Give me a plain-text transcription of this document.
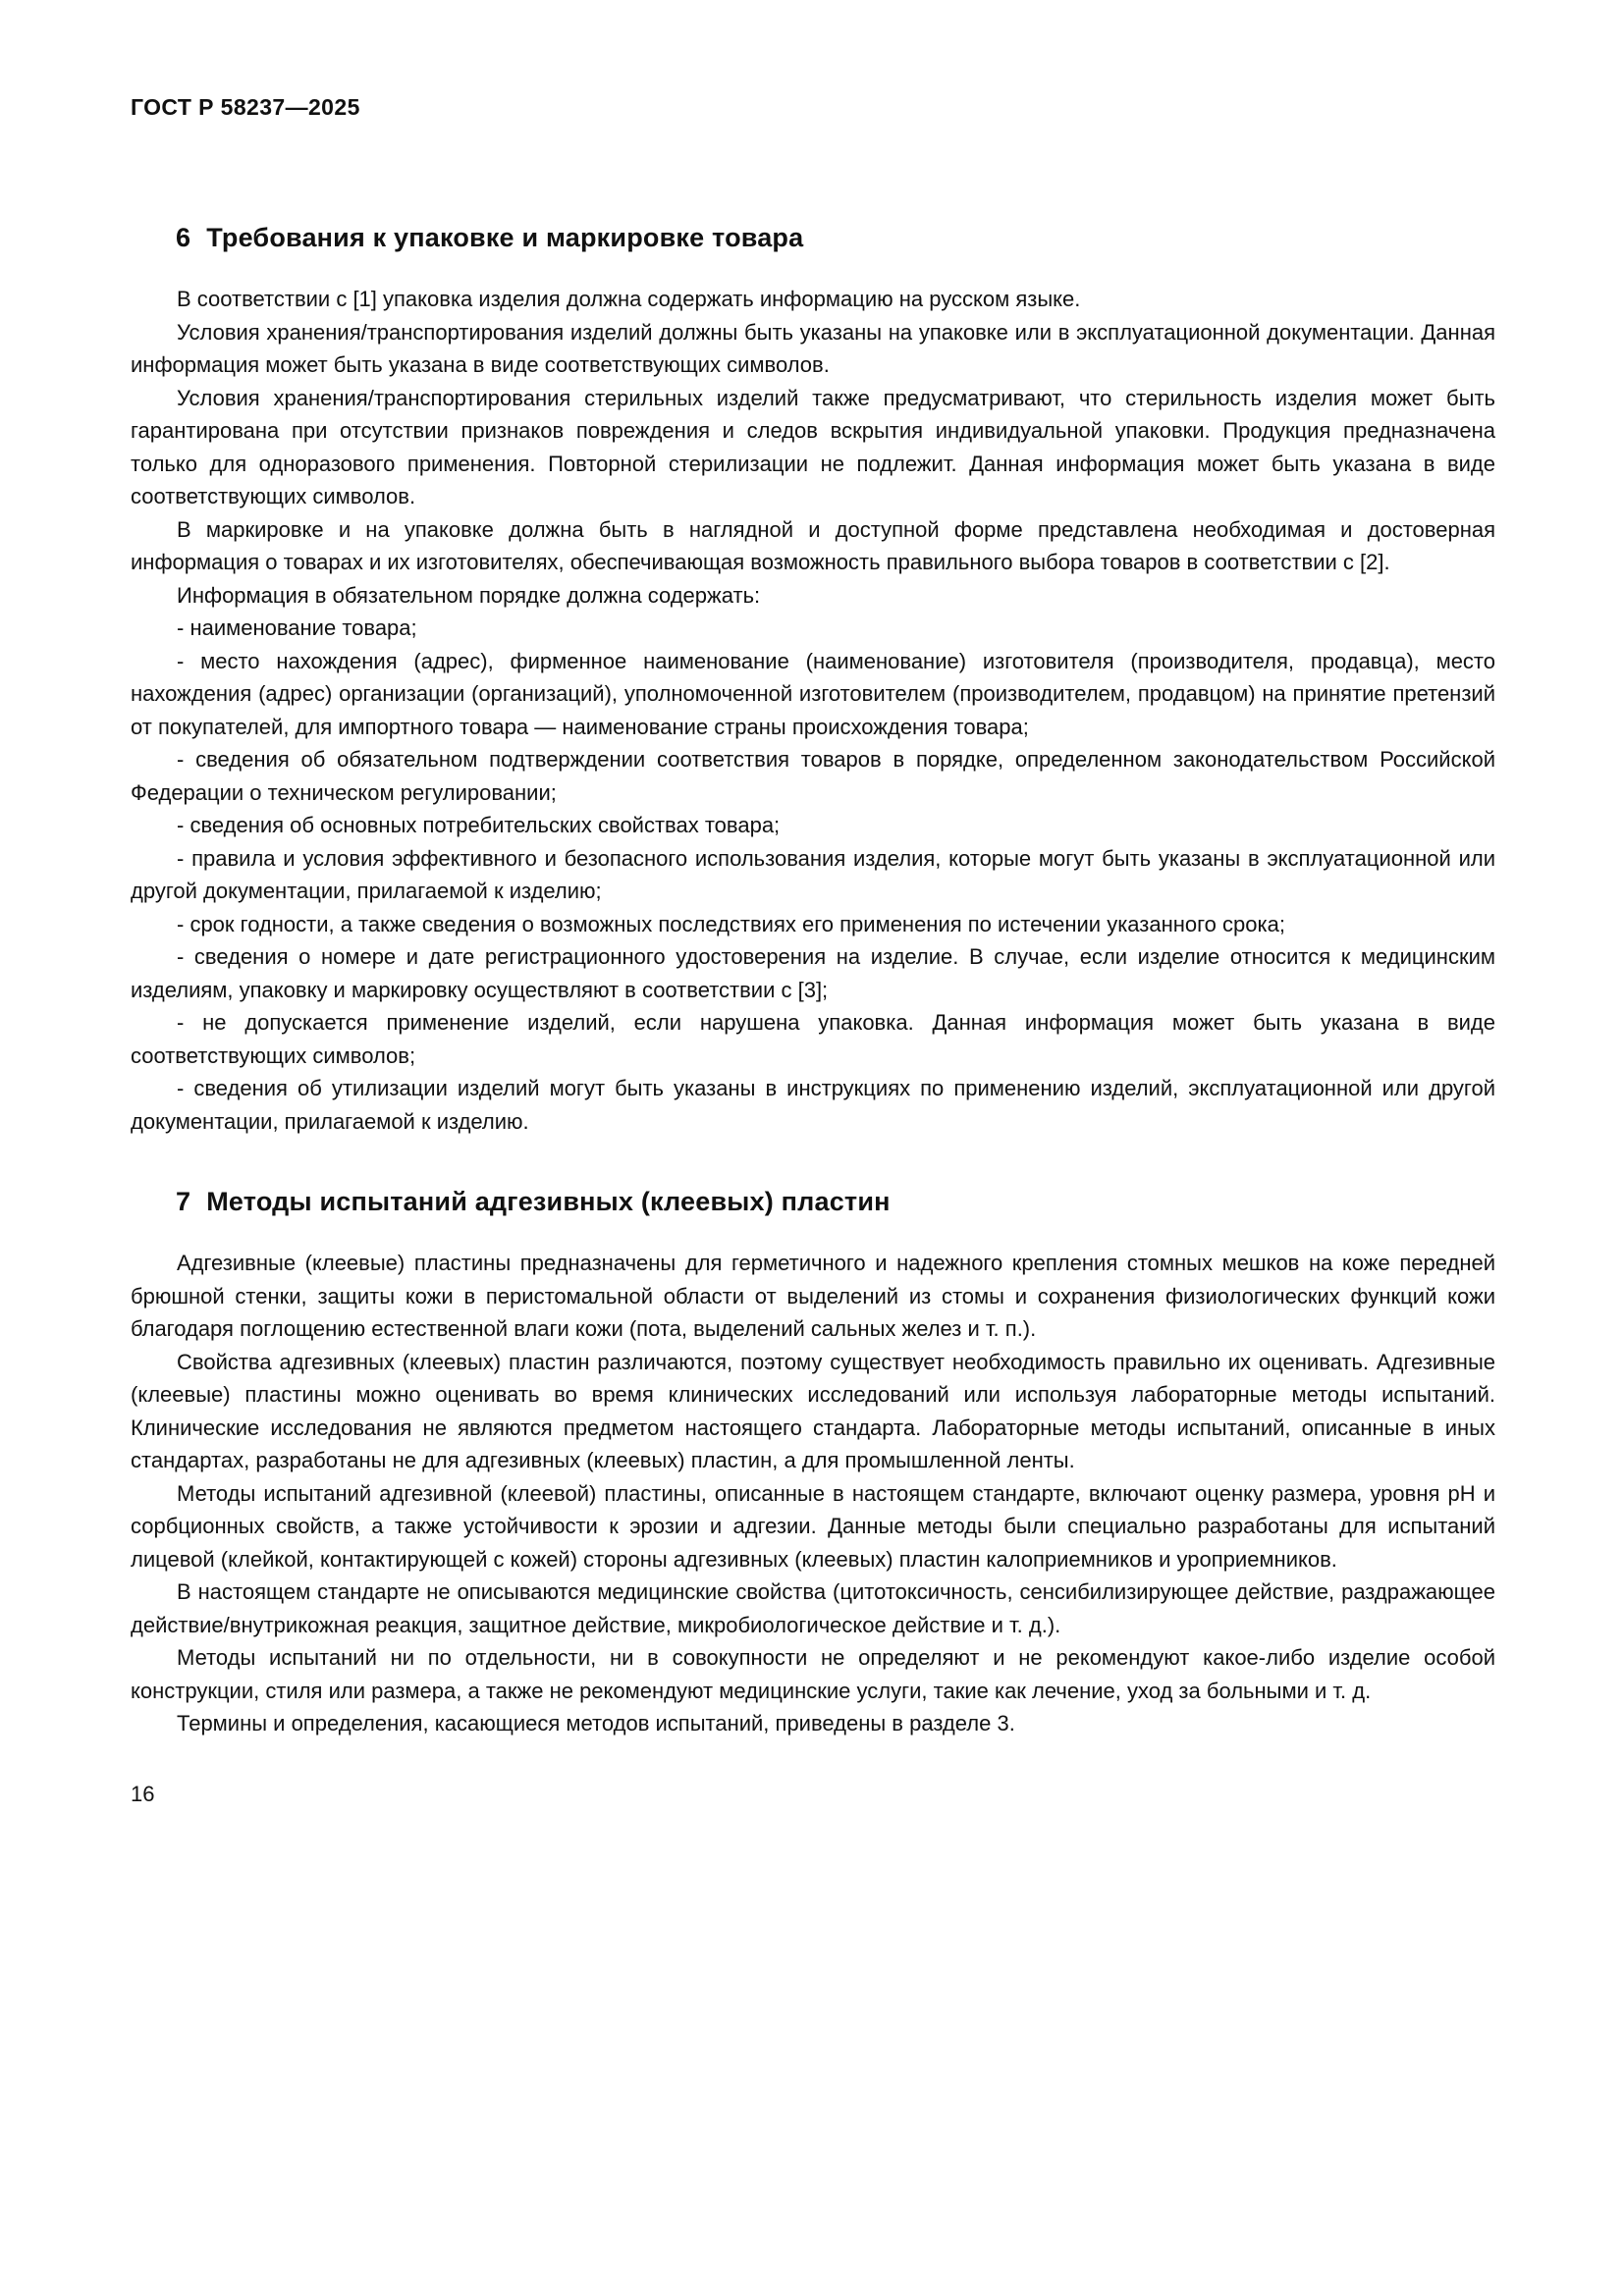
ГОСТ Р 58237—2025
6 Требования к упаковке и маркировке товара

В соответствии с [1] упаковка изделия должна содержать информацию на русском языке.

Условия хранения/транспортирования изделий должны быть указаны на упаковке или в эксплуатационной документации. Данная информация может быть указана в виде соответствующих символов.

Условия хранения/транспортирования стерильных изделий также предусматривают, что стерильность изделия может быть гарантирована при отсутствии признаков повреждения и следов вскрытия индивидуальной упаковки. Продукция предназначена только для одноразового применения. Повторной стерилизации не подлежит. Данная информация может быть указана в виде соответствующих символов.

В маркировке и на упаковке должна быть в наглядной и доступной форме представлена необходимая и достоверная информация о товарах и их изготовителях, обеспечивающая возможность правильного выбора товаров в соответствии с [2].

Информация в обязательном порядке должна содержать:

- наименование товара;

- место нахождения (адрес), фирменное наименование (наименование) изготовителя (производителя, продавца), место нахождения (адрес) организации (организаций), уполномоченной изготовителем (производителем, продавцом) на принятие претензий от покупателей, для импортного товара — наименование страны происхождения товара;

- сведения об обязательном подтверждении соответствия товаров в порядке, определенном законодательством Российской Федерации о техническом регулировании;

- сведения об основных потребительских свойствах товара;

- правила и условия эффективного и безопасного использования изделия, которые могут быть указаны в эксплуатационной или другой документации, прилагаемой к изделию;

- срок годности, а также сведения о возможных последствиях его применения по истечении указанного срока;

- сведения о номере и дате регистрационного удостоверения на изделие. В случае, если изделие относится к медицинским изделиям, упаковку и маркировку осуществляют в соответствии с [3];

- не допускается применение изделий, если нарушена упаковка. Данная информация может быть указана в виде соответствующих символов;

- сведения об утилизации изделий могут быть указаны в инструкциях по применению изделий, эксплуатационной или другой документации, прилагаемой к изделию.

7 Методы испытаний адгезивных (клеевых) пластин

Адгезивные (клеевые) пластины предназначены для герметичного и надежного крепления стомных мешков на коже передней брюшной стенки, защиты кожи в перистомальной области от выделений из стомы и сохранения физиологических функций кожи благодаря поглощению естественной влаги кожи (пота, выделений сальных желез и т. п.).

Свойства адгезивных (клеевых) пластин различаются, поэтому существует необходимость правильно их оценивать. Адгезивные (клеевые) пластины можно оценивать во время клинических исследований или используя лабораторные методы испытаний. Клинические исследования не являются предметом настоящего стандарта. Лабораторные методы испытаний, описанные в иных стандартах, разработаны не для адгезивных (клеевых) пластин, а для промышленной ленты.

Методы испытаний адгезивной (клеевой) пластины, описанные в настоящем стандарте, включают оценку размера, уровня pH и сорбционных свойств, а также устойчивости к эрозии и адгезии. Данные методы были специально разработаны для испытаний лицевой (клейкой, контактирующей с кожей) стороны адгезивных (клеевых) пластин калоприемников и уроприемников.

В настоящем стандарте не описываются медицинские свойства (цитотоксичность, сенсибилизирующее действие, раздражающее действие/внутрикожная реакция, защитное действие, микробиологическое действие и т. д.).

Методы испытаний ни по отдельности, ни в совокупности не определяют и не рекомендуют какое-либо изделие особой конструкции, стиля или размера, а также не рекомендуют медицинские услуги, такие как лечение, уход за больными и т. д.

Термины и определения, касающиеся методов испытаний, приведены в разделе 3.

16
